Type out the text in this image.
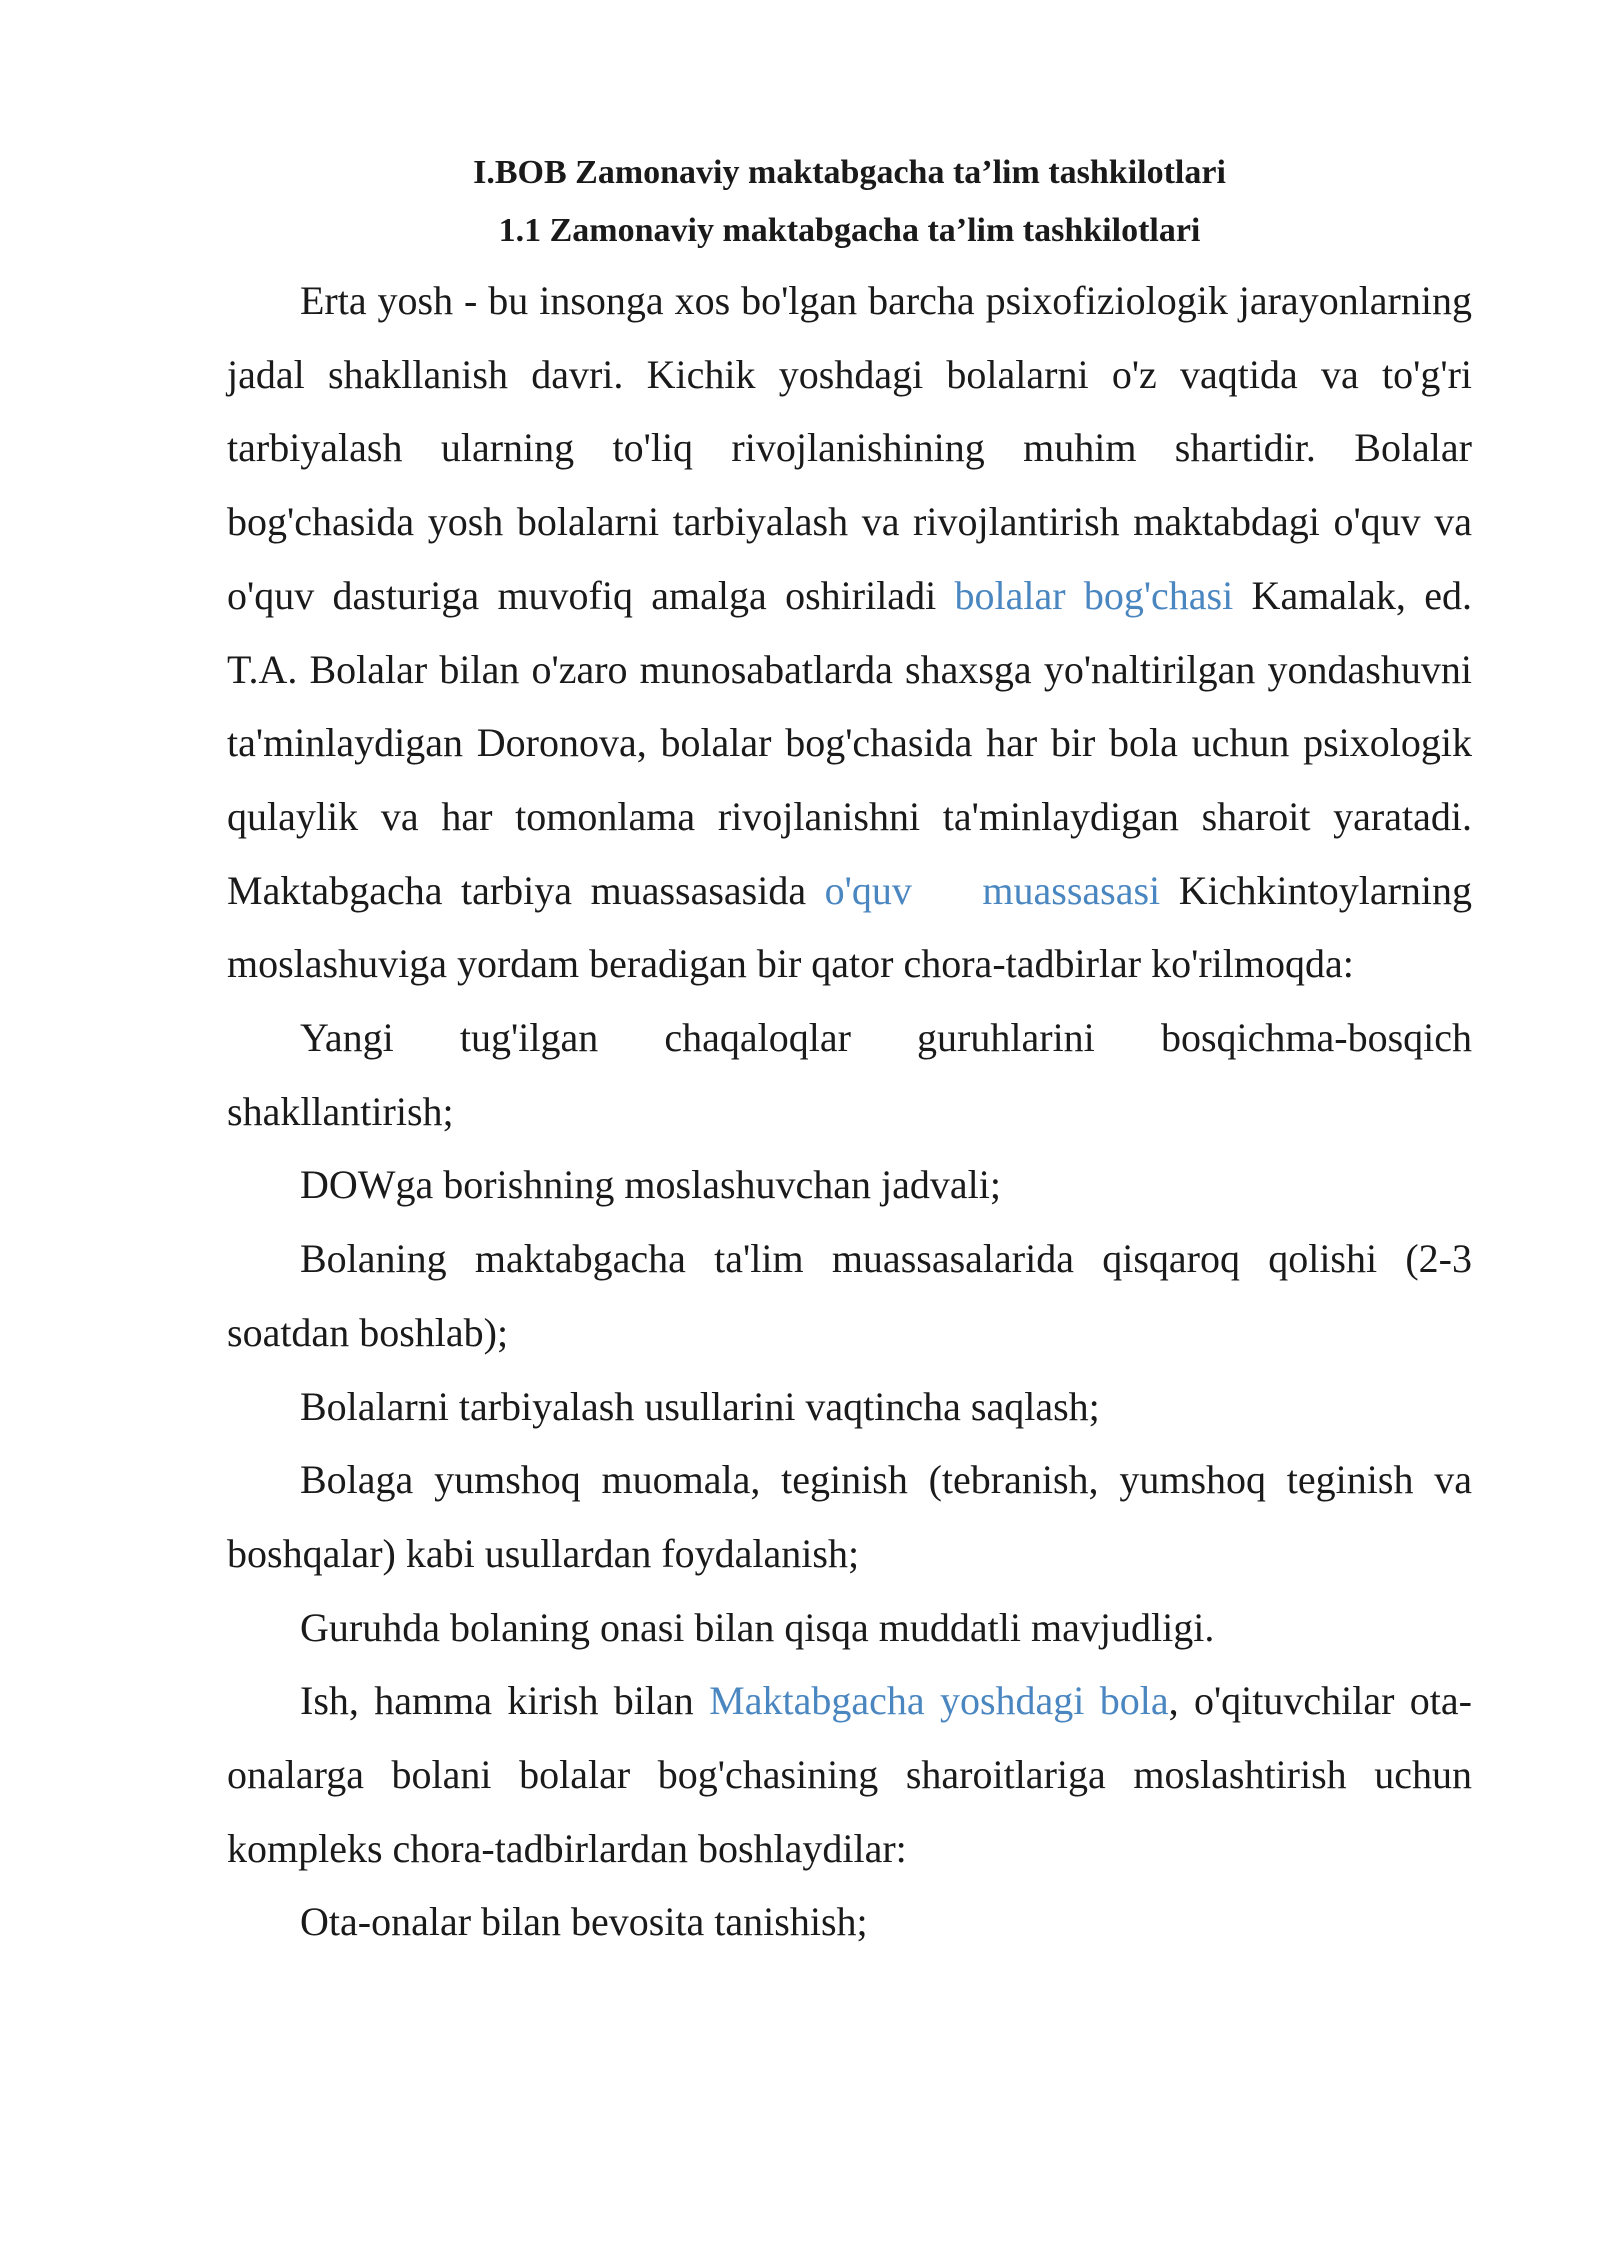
I.BOB Zamonaviy maktabgacha ta’lim tashkilotlari
1.1 Zamonaviy maktabgacha ta’lim tashkilotlari

Erta yosh - bu insonga xos bo'lgan barcha psixofiziologik jarayonlarning jadal shakllanish davri. Kichik yoshdagi bolalarni o'z vaqtida va to'g'ri tarbiyalash ularning to'liq rivojlanishining muhim shartidir. Bolalar bog'chasida yosh bolalarni tarbiyalash va rivojlantirish maktabdagi o'quv va o'quv dasturiga muvofiq amalga oshiriladi bolalar bog'chasi Kamalak, ed. T.A. Bolalar bilan o'zaro munosabatlarda shaxsga yo'naltirilgan yondashuvni ta'minlaydigan Doronova, bolalar bog'chasida har bir bola uchun psixologik qulaylik va har tomonlama rivojlanishni ta'minlaydigan sharoit yaratadi. Maktabgacha tarbiya muassasasida o'quv muassasasi Kichkintoylarning moslashuviga yordam beradigan bir qator chora-tadbirlar ko'rilmoqda:

Yangi tug'ilgan chaqaloqlar guruhlarini bosqichma-bosqich shakllantirish;

DOWga borishning moslashuvchan jadvali;

Bolaning maktabgacha ta'lim muassasalarida qisqaroq qolishi (2-3 soatdan boshlab);

Bolalarni tarbiyalash usullarini vaqtincha saqlash;

Bolaga yumshoq muomala, teginish (tebranish, yumshoq teginish va boshqalar) kabi usullardan foydalanish;

Guruhda bolaning onasi bilan qisqa muddatli mavjudligi.

Ish, hamma kirish bilan Maktabgacha yoshdagi bola, o'qituvchilar ota-onalarga bolani bolalar bog'chasining sharoitlariga moslashtirish uchun kompleks chora-tadbirlardan boshlaydilar:

Ota-onalar bilan bevosita tanishish;
